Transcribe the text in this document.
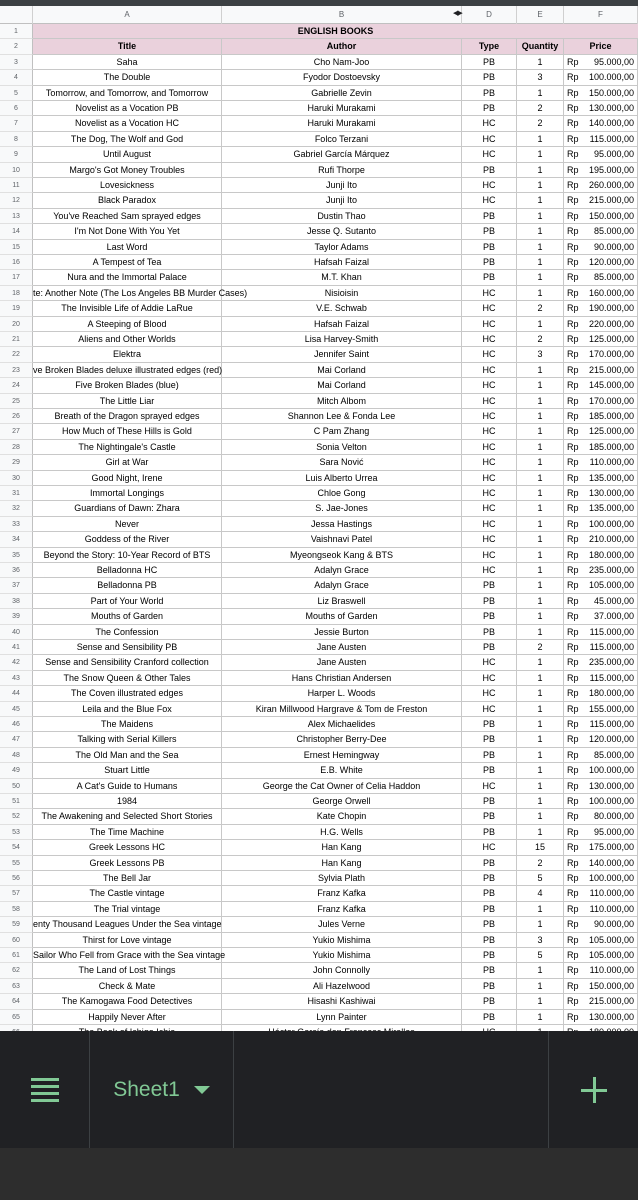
A	B	◀▶	D	E	F
1	ENGLISH BOOKS
2	Title	Author	Type	Quantity	Price
3	Saha	Cho Nam-Joo	PB	1	Rp 95.000,00
4	The Double	Fyodor Dostoevsky	PB	3	Rp 100.000,00
5	Tomorrow, and Tomorrow, and Tomorrow	Gabrielle Zevin	PB	1	Rp 150.000,00
6	Novelist as a Vocation PB	Haruki Murakami	PB	2	Rp 130.000,00
7	Novelist as a Vocation HC	Haruki Murakami	HC	2	Rp 140.000,00
8	The Dog, The Wolf and God	Folco Terzani	HC	1	Rp 115.000,00
9	Until August	Gabriel García Márquez	HC	1	Rp 95.000,00
10	Margo's Got Money Troubles	Rufi Thorpe	PB	1	Rp 195.000,00
11	Lovesickness	Junji Ito	HC	1	Rp 260.000,00
12	Black Paradox	Junji Ito	HC	1	Rp 215.000,00
13	You've Reached Sam sprayed edges	Dustin Thao	PB	1	Rp 150.000,00
14	I'm Not Done With You Yet	Jesse Q. Sutanto	PB	1	Rp 85.000,00
15	Last Word	Taylor Adams	PB	1	Rp 90.000,00
16	A Tempest of Tea	Hafsah Faizal	PB	1	Rp 120.000,00
17	Nura and the Immortal Palace	M.T. Khan	PB	1	Rp 85.000,00
18	te: Another Note (The Los Angeles BB Murder Cases)	Nisioisin	HC	1	Rp 160.000,00
19	The Invisible Life of Addie LaRue	V.E. Schwab	HC	2	Rp 190.000,00
20	A Steeping of Blood	Hafsah Faizal	HC	1	Rp 220.000,00
21	Aliens and Other Worlds	Lisa Harvey-Smith	HC	2	Rp 125.000,00
22	Elektra	Jennifer Saint	HC	3	Rp 170.000,00
23	ve Broken Blades deluxe illustrated edges (red)	Mai Corland	HC	1	Rp 215.000,00
24	Five Broken Blades (blue)	Mai Corland	HC	1	Rp 145.000,00
25	The Little Liar	Mitch Albom	HC	1	Rp 170.000,00
26	Breath of the Dragon sprayed edges	Shannon Lee & Fonda Lee	HC	1	Rp 185.000,00
27	How Much of These Hills is Gold	C Pam Zhang	HC	1	Rp 125.000,00
28	The Nightingale's Castle	Sonia Velton	HC	1	Rp 185.000,00
29	Girl at War	Sara Nović	HC	1	Rp 110.000,00
30	Good Night, Irene	Luis Alberto Urrea	HC	1	Rp 135.000,00
31	Immortal Longings	Chloe Gong	HC	1	Rp 130.000,00
32	Guardians of Dawn: Zhara	S. Jae-Jones	HC	1	Rp 135.000,00
33	Never	Jessa Hastings	HC	1	Rp 100.000,00
34	Goddess of the River	Vaishnavi Patel	HC	1	Rp 210.000,00
35	Beyond the Story: 10-Year Record of BTS	Myeongseok Kang & BTS	HC	1	Rp 180.000,00
36	Belladonna HC	Adalyn Grace	HC	1	Rp 235.000,00
37	Belladonna PB	Adalyn Grace	PB	1	Rp 105.000,00
38	Part of Your World	Liz Braswell	PB	1	Rp 45.000,00
39	Mouths of Garden	Mouths of Garden	PB	1	Rp 37.000,00
40	The Confession	Jessie Burton	PB	1	Rp 115.000,00
41	Sense and Sensibility PB	Jane Austen	PB	2	Rp 115.000,00
42	Sense and Sensibility Cranford collection	Jane Austen	HC	1	Rp 235.000,00
43	The Snow Queen & Other Tales	Hans Christian Andersen	HC	1	Rp 115.000,00
44	The Coven illustrated edges	Harper L. Woods	HC	1	Rp 180.000,00
45	Leila and the Blue Fox	Kiran Millwood Hargrave & Tom de Freston	HC	1	Rp 155.000,00
46	The Maidens	Alex Michaelides	PB	1	Rp 115.000,00
47	Talking with Serial Killers	Christopher Berry-Dee	PB	1	Rp 120.000,00
48	The Old Man and the Sea	Ernest Hemingway	PB	1	Rp 85.000,00
49	Stuart Little	E.B. White	PB	1	Rp 100.000,00
50	A Cat's Guide to Humans	George the Cat Owner of Celia Haddon	HC	1	Rp 130.000,00
51	1984	George Orwell	PB	1	Rp 100.000,00
52	The Awakening and Selected Short Stories	Kate Chopin	PB	1	Rp 80.000,00
53	The Time Machine	H.G. Wells	PB	1	Rp 95.000,00
54	Greek Lessons HC	Han Kang	HC	15	Rp 175.000,00
55	Greek Lessons PB	Han Kang	PB	2	Rp 140.000,00
56	The Bell Jar	Sylvia Plath	PB	5	Rp 100.000,00
57	The Castle vintage	Franz Kafka	PB	4	Rp 110.000,00
58	The Trial vintage	Franz Kafka	PB	1	Rp 110.000,00
59	enty Thousand Leagues Under the Sea vintage	Jules Verne	PB	1	Rp 90.000,00
60	Thirst for Love vintage	Yukio Mishima	PB	3	Rp 105.000,00
61	Sailor Who Fell from Grace with the Sea vintage	Yukio Mishima	PB	5	Rp 105.000,00
62	The Land of Lost Things	John Connolly	PB	1	Rp 110.000,00
63	Check & Mate	Ali Hazelwood	PB	1	Rp 150.000,00
64	The Kamogawa Food Detectives	Hisashi Kashiwai	PB	1	Rp 215.000,00
65	Happily Never After	Lynn Painter	PB	1	Rp 130.000,00
Sheet1
